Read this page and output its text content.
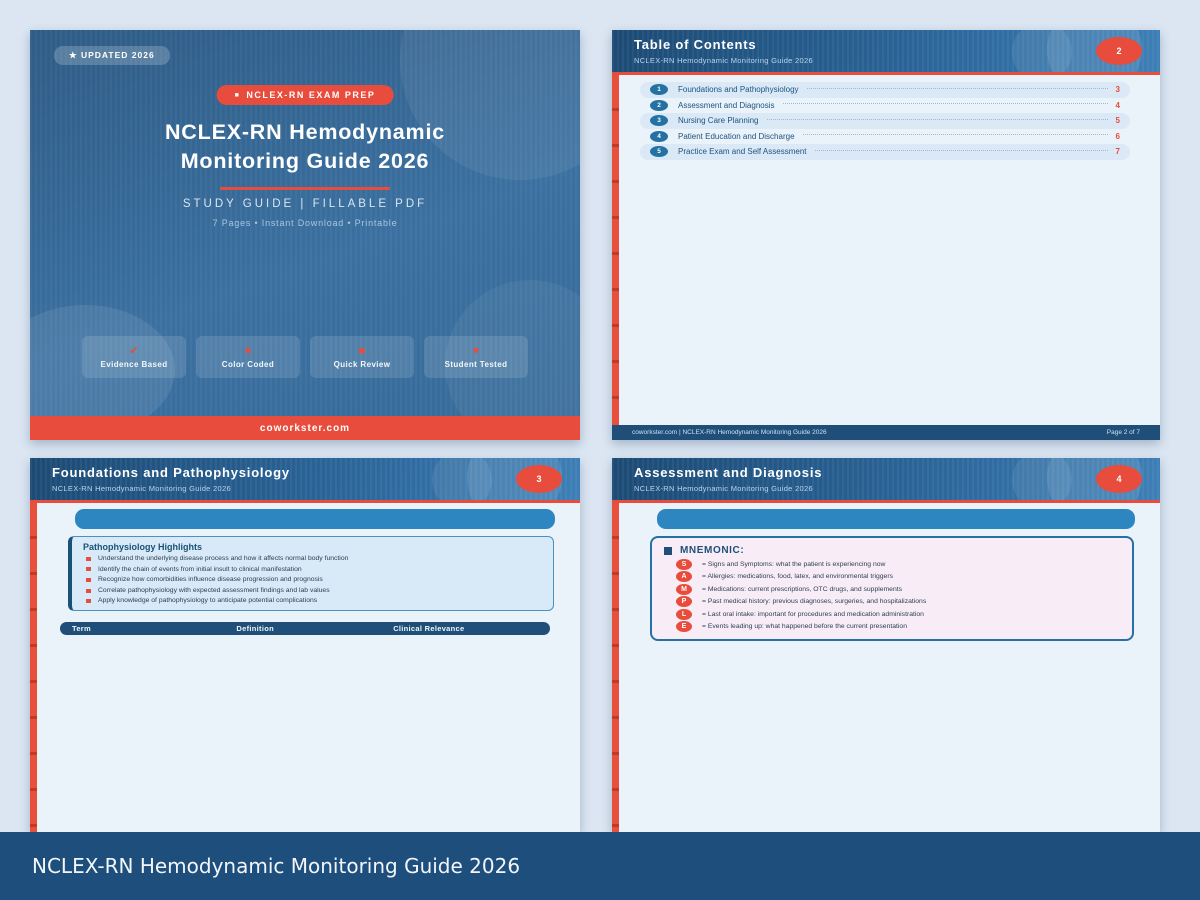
★ UPDATED 2026
■ NCLEX-RN EXAM PREP
NCLEX-RN Hemodynamic
Monitoring Guide 2026
STUDY GUIDE | FILLABLE PDF
7 Pages • Instant Download • Printable
✔
Evidence Based
★
Color Coded
■
Quick Review
♥
Student Tested
coworkster.com
Table of Contents
NCLEX-RN Hemodynamic Monitoring Guide 2026
2
1	Foundations and Pathophysiology	3
2	Assessment and Diagnosis	4
3	Nursing Care Planning	5
4	Patient Education and Discharge	6
5	Practice Exam and Self Assessment	7
coworkster.com | NCLEX-RN Hemodynamic Monitoring Guide 2026	Page 2 of 7
Foundations and Pathophysiology
NCLEX-RN Hemodynamic Monitoring Guide 2026
3
Pathophysiology Highlights
Understand the underlying disease process and how it affects normal body function
Identify the chain of events from initial insult to clinical manifestation
Recognize how comorbidities influence disease progression and prognosis
Correlate pathophysiology with expected assessment findings and lab values
Apply knowledge of pathophysiology to anticipate potential complications
Term	Definition	Clinical Relevance
Assessment and Diagnosis
NCLEX-RN Hemodynamic Monitoring Guide 2026
4
MNEMONIC:
S	= Signs and Symptoms: what the patient is experiencing now
A	= Allergies: medications, food, latex, and environmental triggers
M	= Medications: current prescriptions, OTC drugs, and supplements
P	= Past medical history: previous diagnoses, surgeries, and hospitalizations
L	= Last oral intake: important for procedures and medication administration
E	= Events leading up: what happened before the current presentation
NCLEX-RN Hemodynamic Monitoring Guide 2026
